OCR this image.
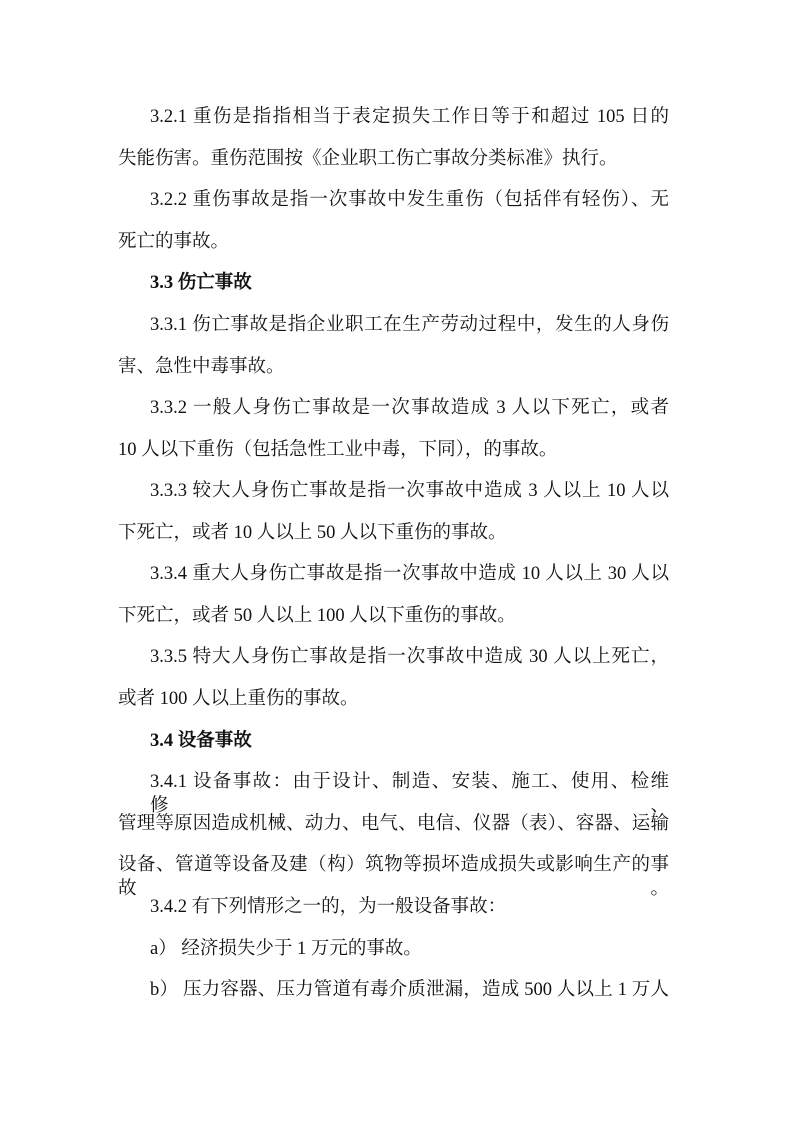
3.2.1 重伤是指指相当于表定损失工作日等于和超过 105 日的
失能伤害。重伤范围按《企业职工伤亡事故分类标准》执行。
3.2.2 重伤事故是指一次事故中发生重伤（包括伴有轻伤）、无
死亡的事故。
3.3 伤亡事故
3.3.1 伤亡事故是指企业职工在生产劳动过程中，发生的人身伤
害、急性中毒事故。
3.3.2 一般人身伤亡事故是一次事故造成 3 人以下死亡，或者
10 人以下重伤（包括急性工业中毒，下同），的事故。
3.3.3 较大人身伤亡事故是指一次事故中造成 3 人以上 10 人以
下死亡，或者 10 人以上 50 人以下重伤的事故。
3.3.4 重大人身伤亡事故是指一次事故中造成 10 人以上 30 人以
下死亡，或者 50 人以上 100 人以下重伤的事故。
3.3.5 特大人身伤亡事故是指一次事故中造成 30 人以上死亡，
或者 100 人以上重伤的事故。
3.4 设备事故
3.4.1 设备事故：由于设计、制造、安装、施工、使用、检维修、
管理等原因造成机械、动力、电气、电信、仪器（表）、容器、运输
设备、管道等设备及建（构）筑物等损坏造成损失或影响生产的事故。
3.4.2 有下列情形之一的，为一般设备事故：
a） 经济损失少于 1 万元的事故。
b） 压力容器、压力管道有毒介质泄漏，造成 500 人以上 1 万人
